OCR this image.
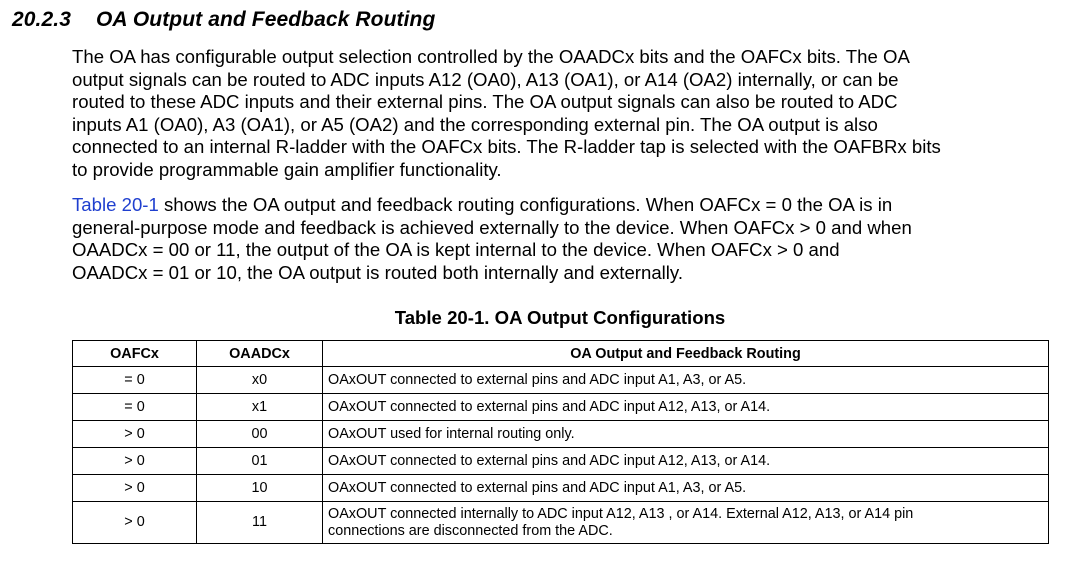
20.2.3 OA Output and Feedback Routing

The OA has configurable output selection controlled by the OAADCx bits and the OAFCx bits. The OA
output signals can be routed to ADC inputs A12 (OA0), A13 (OA1), or A14 (OA2) internally, or can be
routed to these ADC inputs and their external pins. The OA output signals can also be routed to ADC
inputs A1 (OA0), A3 (OA1), or A5 (OA2) and the corresponding external pin. The OA output is also
connected to an internal R-ladder with the OAFCx bits. The R-ladder tap is selected with the OAFBRx bits
to provide programmable gain amplifier functionality.

Table 20-1 shows the OA output and feedback routing configurations. When OAFCx = 0 the OA is in
general-purpose mode and feedback is achieved externally to the device. When OAFCx > 0 and when
OAADCx = 00 or 11, the output of the OA is kept internal to the device. When OAFCx > 0 and
OAADCx = 01 or 10, the OA output is routed both internally and externally.

Table 20-1. OA Output Configurations
OAFCx	OAADCx	OA Output and Feedback Routing
= 0	x0	OAxOUT connected to external pins and ADC input A1, A3, or A5.
= 0	x1	OAxOUT connected to external pins and ADC input A12, A13, or A14.
> 0	00	OAxOUT used for internal routing only.
> 0	01	OAxOUT connected to external pins and ADC input A12, A13, or A14.
> 0	10	OAxOUT connected to external pins and ADC input A1, A3, or A5.
> 0	11	OAxOUT connected internally to ADC input A12, A13 , or A14. External A12, A13, or A14 pin
connections are disconnected from the ADC.
